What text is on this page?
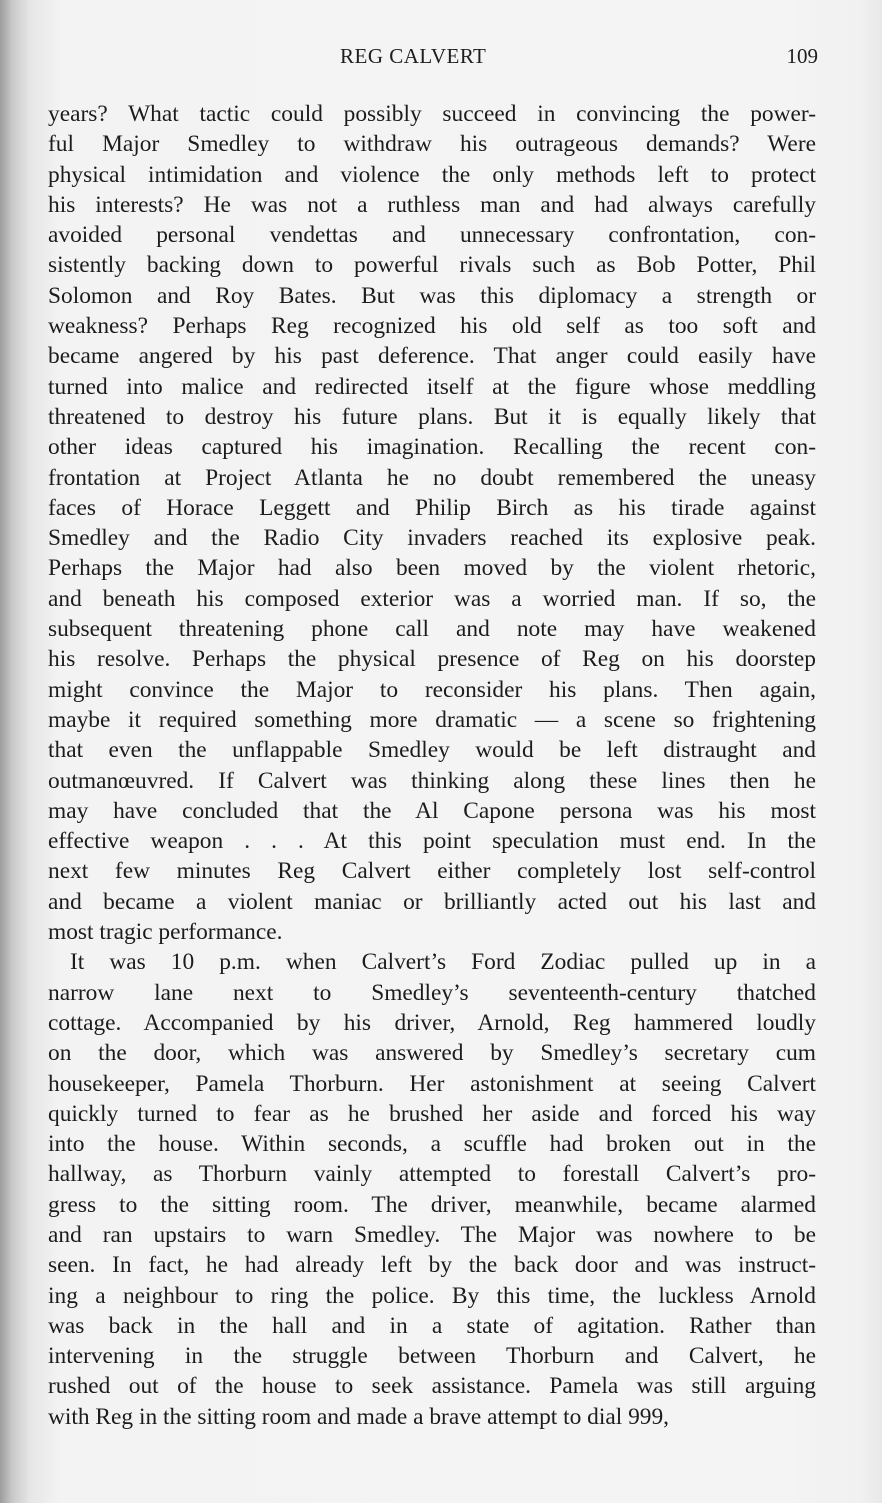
REG CALVERT	109

years? What tactic could possibly succeed in convincing the power-

ful Major Smedley to withdraw his outrageous demands? Were

physical intimidation and violence the only methods left to protect

his interests? He was not a ruthless man and had always carefully

avoided personal vendettas and unnecessary confrontation, con-

sistently backing down to powerful rivals such as Bob Potter, Phil

Solomon and Roy Bates. But was this diplomacy a strength or

weakness? Perhaps Reg recognized his old self as too soft and

became angered by his past deference. That anger could easily have

turned into malice and redirected itself at the figure whose meddling

threatened to destroy his future plans. But it is equally likely that

other ideas captured his imagination. Recalling the recent con-

frontation at Project Atlanta he no doubt remembered the uneasy

faces of Horace Leggett and Philip Birch as his tirade against

Smedley and the Radio City invaders reached its explosive peak.

Perhaps the Major had also been moved by the violent rhetoric,

and beneath his composed exterior was a worried man. If so, the

subsequent threatening phone call and note may have weakened

his resolve. Perhaps the physical presence of Reg on his doorstep

might convince the Major to reconsider his plans. Then again,

maybe it required something more dramatic — a scene so frightening

that even the unflappable Smedley would be left distraught and

outmanœuvred. If Calvert was thinking along these lines then he

may have concluded that the Al Capone persona was his most

effective weapon . . . At this point speculation must end. In the

next few minutes Reg Calvert either completely lost self-control

and became a violent maniac or brilliantly acted out his last and

most tragic performance.

It was 10 p.m. when Calvert’s Ford Zodiac pulled up in a

narrow lane next to Smedley’s seventeenth-century thatched

cottage. Accompanied by his driver, Arnold, Reg hammered loudly

on the door, which was answered by Smedley’s secretary cum

housekeeper, Pamela Thorburn. Her astonishment at seeing Calvert

quickly turned to fear as he brushed her aside and forced his way

into the house. Within seconds, a scuffle had broken out in the

hallway, as Thorburn vainly attempted to forestall Calvert’s pro-

gress to the sitting room. The driver, meanwhile, became alarmed

and ran upstairs to warn Smedley. The Major was nowhere to be

seen. In fact, he had already left by the back door and was instruct-

ing a neighbour to ring the police. By this time, the luckless Arnold

was back in the hall and in a state of agitation. Rather than

intervening in the struggle between Thorburn and Calvert, he

rushed out of the house to seek assistance. Pamela was still arguing

with Reg in the sitting room and made a brave attempt to dial 999,
